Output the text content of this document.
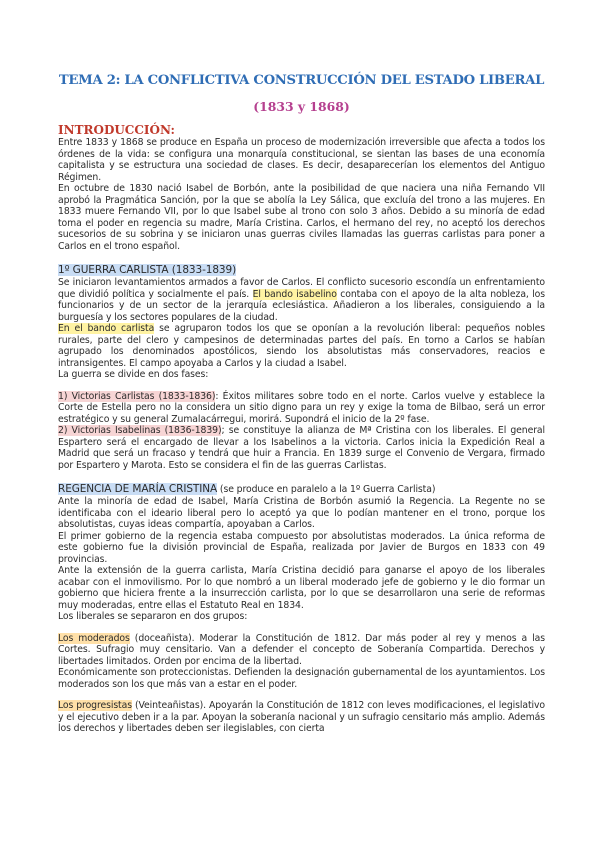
TEMA 2: LA CONFLICTIVA CONSTRUCCIÓN DEL ESTADO LIBERAL
(1833 y 1868)
INTRODUCCIÓN:

Entre 1833 y 1868 se produce en España un proceso de modernización irreversible que afecta a todos los órdenes de la vida: se configura una monarquía constitucional, se sientan las bases de una economía capitalista y se estructura una sociedad de clases. Es decir, desaparecerían los elementos del Antiguo Régimen.

En octubre de 1830 nació Isabel de Borbón, ante la posibilidad de que naciera una niña Fernando VII aprobó la Pragmática Sanción, por la que se abolía la Ley Sálica, que excluía del trono a las mujeres. En 1833 muere Fernando VII, por lo que Isabel sube al trono con solo 3 años. Debido a su minoría de edad toma el poder en regencia su madre, María Cristina. Carlos, el hermano del rey, no aceptó los derechos sucesorios de su sobrina y se iniciaron unas guerras civiles llamadas las guerras carlistas para poner a Carlos en el trono español.

1º GUERRA CARLISTA (1833-1839)

Se iniciaron levantamientos armados a favor de Carlos. El conflicto sucesorio escondía un enfrentamiento que dividió política y socialmente el país. El bando isabelino contaba con el apoyo de la alta nobleza, los funcionarios y de un sector de la jerarquía eclesiástica. Añadieron a los liberales, consiguiendo a la burguesía y los sectores populares de la ciudad.

En el bando carlista se agruparon todos los que se oponían a la revolución liberal: pequeños nobles rurales, parte del clero y campesinos de determinadas partes del país. En torno a Carlos se habían agrupado los denominados apostólicos, siendo los absolutistas más conservadores, reacios e intransigentes. El campo apoyaba a Carlos y la ciudad a Isabel.

La guerra se divide en dos fases:

1) Victorias Carlistas (1833-1836): Éxitos militares sobre todo en el norte. Carlos vuelve y establece la Corte de Estella pero no la considera un sitio digno para un rey y exige la toma de Bilbao, será un error estratégico y su general Zumalacárregui, morirá. Supondrá el inicio de la 2º fase.

2) Victorias Isabelinas (1836-1839); se constituye la alianza de Mª Cristina con los liberales. El general Espartero será el encargado de llevar a los Isabelinos a la victoria. Carlos inicia la Expedición Real a Madrid que será un fracaso y tendrá que huir a Francia. En 1839 surge el Convenio de Vergara, firmado por Espartero y Marota. Esto se considera el fin de las guerras Carlistas.

REGENCIA DE MARÍA CRISTINA (se produce en paralelo a la 1º Guerra Carlista)

Ante la minoría de edad de Isabel, María Cristina de Borbón asumió la Regencia. La Regente no se identificaba con el ideario liberal pero lo aceptó ya que lo podían mantener en el trono, porque los absolutistas, cuyas ideas compartía, apoyaban a Carlos.

El primer gobierno de la regencia estaba compuesto por absolutistas moderados. La única reforma de este gobierno fue la división provincial de España, realizada por Javier de Burgos en 1833 con 49 provincias.

Ante la extensión de la guerra carlista, María Cristina decidió para ganarse el apoyo de los liberales acabar con el inmovilismo. Por lo que nombró a un liberal moderado jefe de gobierno y le dio formar un gobierno que hiciera frente a la insurrección carlista, por lo que se desarrollaron una serie de reformas muy moderadas, entre ellas el Estatuto Real en 1834.

Los liberales se separaron en dos grupos:

Los moderados (doceañista). Moderar la Constitución de 1812. Dar más poder al rey y menos a las Cortes. Sufragio muy censitario. Van a defender el concepto de Soberanía Compartida. Derechos y libertades limitados. Orden por encima de la libertad.

Económicamente son proteccionistas. Defienden la designación gubernamental de los ayuntamientos. Los moderados son los que más van a estar en el poder.

Los progresistas (Veinteañistas). Apoyarán la Constitución de 1812 con leves modificaciones, el legislativo y el ejecutivo deben ir a la par. Apoyan la soberanía nacional y un sufragio censitario más amplio. Además los derechos y libertades deben ser ilegislables, con cierta
